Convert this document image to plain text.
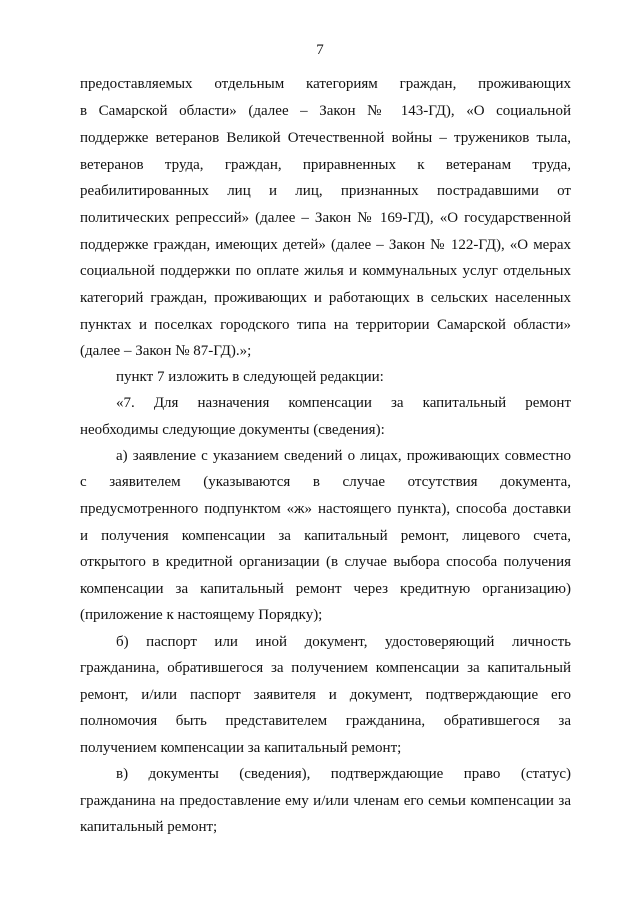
7
предоставляемых отдельным категориям граждан, проживающих
в Самарской области» (далее – Закон № 143-ГД), «О социальной
поддержке ветеранов Великой Отечественной войны – тружеников тыла,
ветеранов труда, граждан, приравненных к ветеранам труда,
реабилитированных лиц и лиц, признанных пострадавшими от
политических репрессий» (далее – Закон № 169-ГД), «О государственной
поддержке граждан, имеющих детей» (далее – Закон № 122-ГД), «О мерах
социальной поддержки по оплате жилья и коммунальных услуг отдельных
категорий граждан, проживающих и работающих в сельских населенных
пунктах и поселках городского типа на территории Самарской области»
(далее – Закон № 87-ГД).»;
пункт 7 изложить в следующей редакции:
«7. Для назначения компенсации за капитальный ремонт
необходимы следующие документы (сведения):
а) заявление с указанием сведений о лицах, проживающих совместно
с заявителем (указываются в случае отсутствия документа,
предусмотренного подпунктом «ж» настоящего пункта), способа доставки
и получения компенсации за капитальный ремонт, лицевого счета,
открытого в кредитной организации (в случае выбора способа получения
компенсации за капитальный ремонт через кредитную организацию)
(приложение к настоящему Порядку);
б) паспорт или иной документ, удостоверяющий личность
гражданина, обратившегося за получением компенсации за капитальный
ремонт, и/или паспорт заявителя и документ, подтверждающие его
полномочия быть представителем гражданина, обратившегося за
получением компенсации за капитальный ремонт;
в) документы (сведения), подтверждающие право (статус)
гражданина на предоставление ему и/или членам его семьи компенсации за
капитальный ремонт;
